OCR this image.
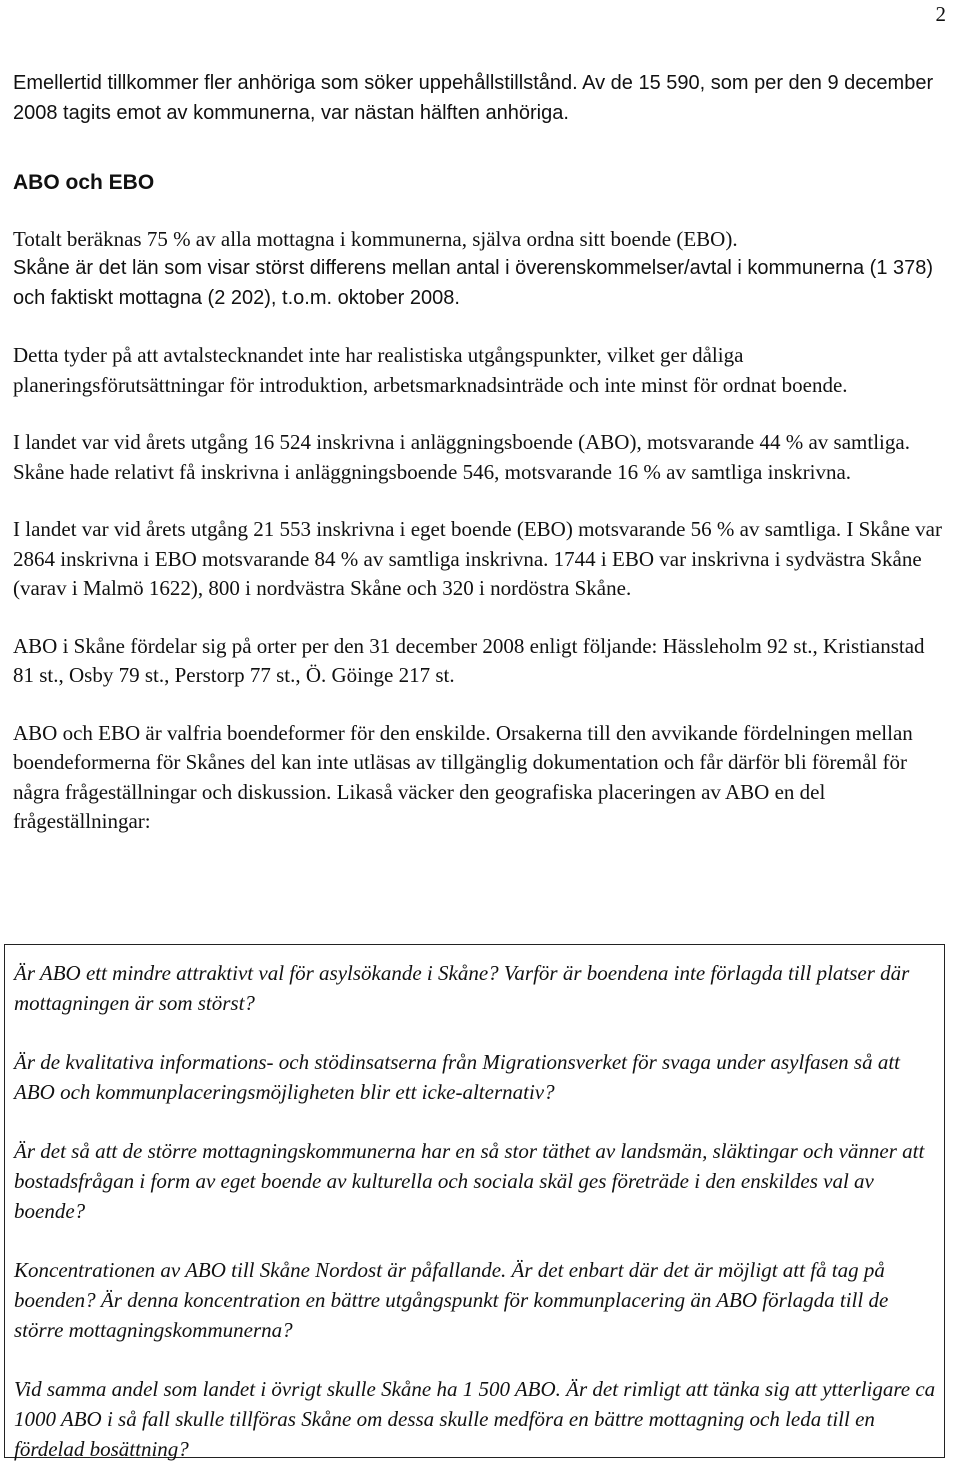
2

Emellertid tillkommer fler anhöriga som söker uppehållstillstånd. Av de 15 590, som per den 9 december 2008 tagits emot av kommunerna, var nästan hälften anhöriga.

ABO och EBO

Totalt beräknas 75 % av alla mottagna i kommunerna, själva ordna sitt boende (EBO).

Skåne är det län som visar störst differens mellan antal i överenskommelser/avtal i kommunerna (1 378) och faktiskt mottagna (2 202), t.o.m. oktober 2008.

Detta tyder på att avtalstecknandet inte har realistiska utgångspunkter, vilket ger dåliga planeringsförutsättningar för introduktion, arbetsmarknadsinträde och inte minst för ordnat boende.

I landet var vid årets utgång 16 524 inskrivna i anläggningsboende (ABO), motsvarande 44 % av samtliga. Skåne hade relativt få inskrivna i anläggningsboende 546, motsvarande 16 % av samtliga inskrivna.

I landet var vid årets utgång 21 553 inskrivna i eget boende (EBO) motsvarande 56 % av samtliga. I Skåne var 2864 inskrivna i EBO motsvarande 84 % av samtliga inskrivna. 1744 i EBO var inskrivna i sydvästra Skåne (varav i Malmö 1622), 800 i nordvästra Skåne och 320 i nordöstra Skåne.

ABO i Skåne fördelar sig på orter per den 31 december 2008 enligt följande: Hässleholm 92 st., Kristianstad 81 st., Osby 79 st., Perstorp 77 st., Ö. Göinge 217 st.

ABO och EBO är valfria boendeformer för den enskilde. Orsakerna till den avvikande fördelningen mellan boendeformerna för Skånes del kan inte utläsas av tillgänglig dokumentation och får därför bli föremål för några frågeställningar och diskussion. Likaså väcker den geografiska placeringen av ABO en del frågeställningar:

Är ABO ett mindre attraktivt val för asylsökande i Skåne? Varför är boendena inte förlagda till platser där mottagningen är som störst?

Är de kvalitativa informations- och stödinsatserna från Migrationsverket för svaga under asylfasen så att ABO och kommunplaceringsmöjligheten blir ett icke-alternativ?

Är det så att de större mottagningskommunerna har en så stor täthet av landsmän, släktingar och vänner att bostadsfrågan i form av eget boende av kulturella och sociala skäl ges företräde i den enskildes val av boende?

Koncentrationen av ABO till Skåne Nordost är påfallande. Är det enbart där det är möjligt att få tag på boenden? Är denna koncentration en bättre utgångspunkt för kommunplacering än ABO förlagda till de större mottagningskommunerna?

Vid samma andel som landet i övrigt skulle Skåne ha 1 500 ABO. Är det rimligt att tänka sig att ytterligare ca 1000 ABO i så fall skulle tillföras Skåne om dessa skulle medföra en bättre mottagning och leda till en fördelad bosättning?
